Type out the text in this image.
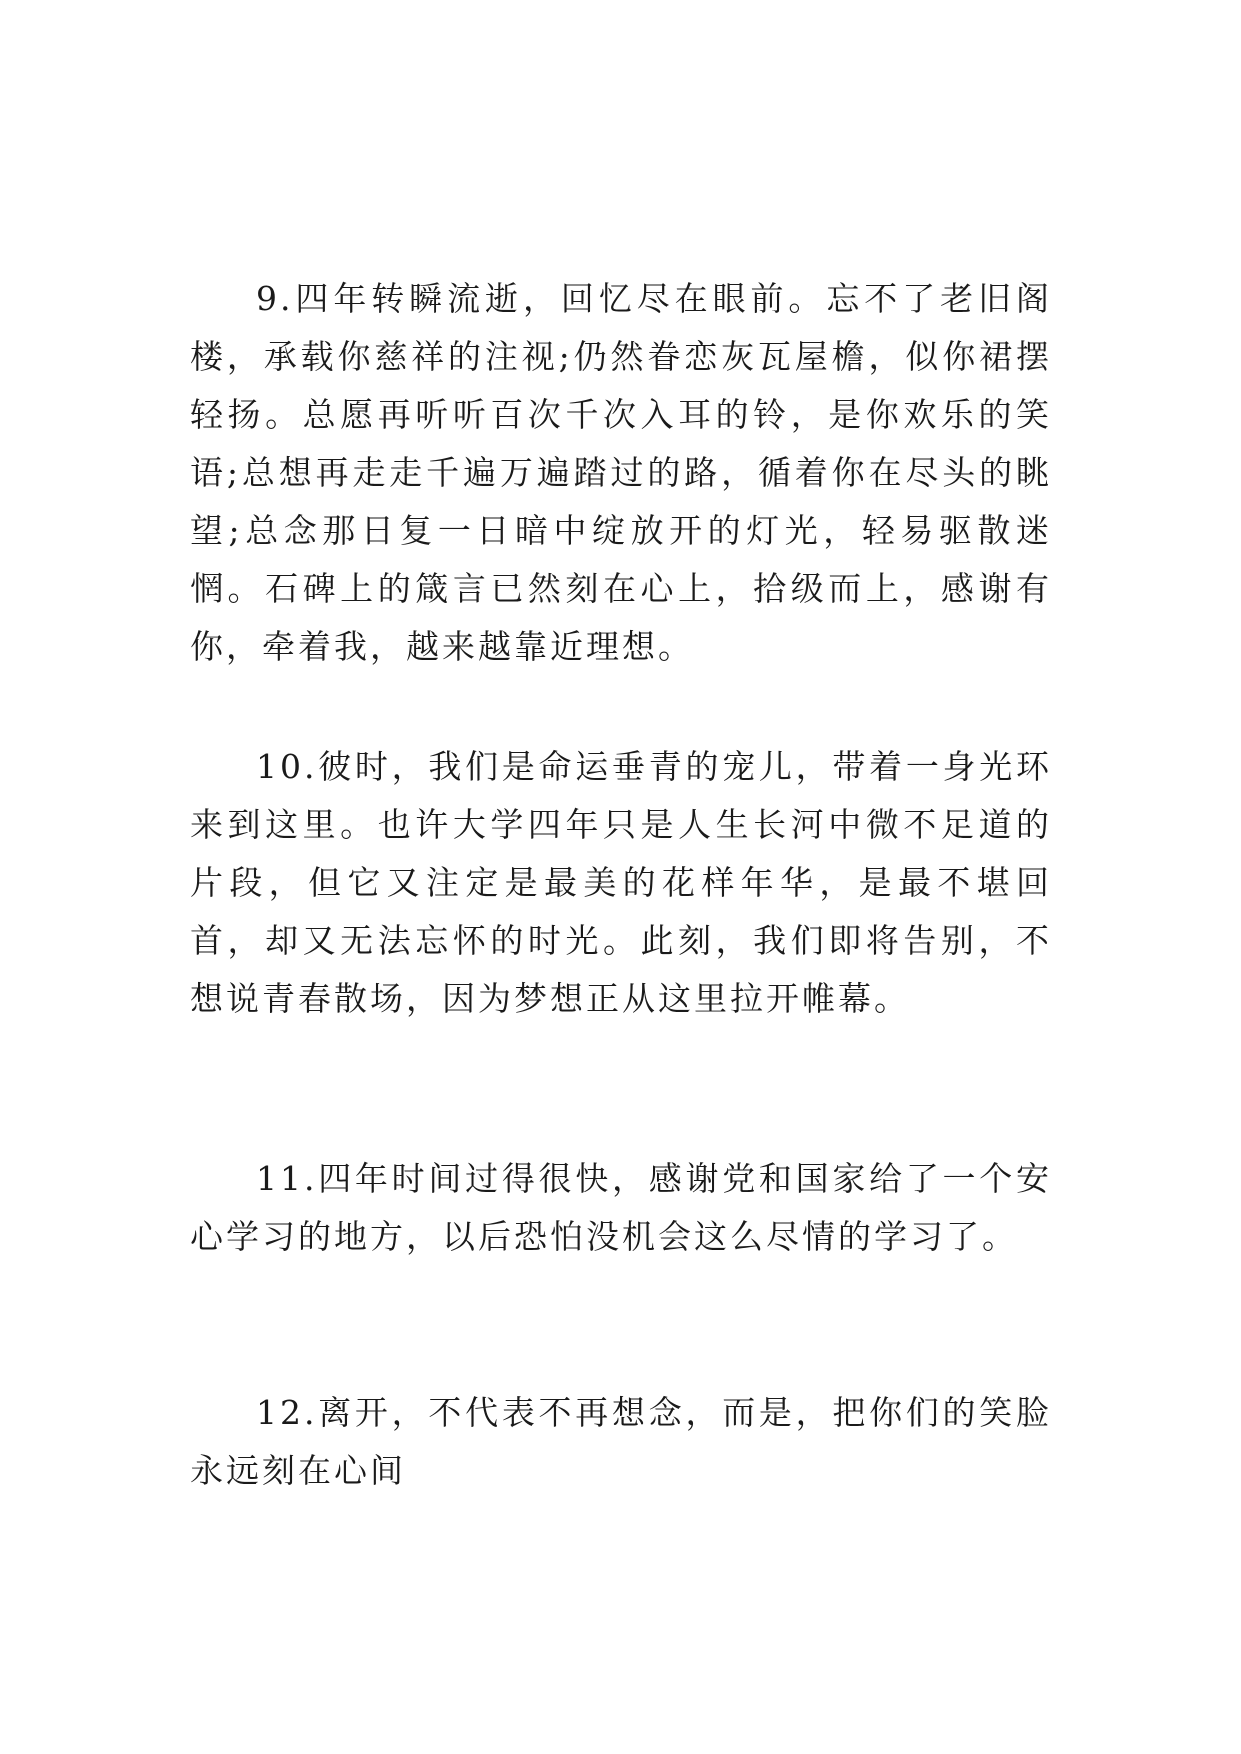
9.四年转瞬流逝，回忆尽在眼前。忘不了老旧阁楼，承载你慈祥的注视;仍然眷恋灰瓦屋檐，似你裙摆轻扬。总愿再听听百次千次入耳的铃，是你欢乐的笑语;总想再走走千遍万遍踏过的路，循着你在尽头的眺望;总念那日复一日暗中绽放开的灯光，轻易驱散迷惘。石碑上的箴言已然刻在心上，拾级而上，感谢有你，牵着我，越来越靠近理想。

10.彼时，我们是命运垂青的宠儿，带着一身光环来到这里。也许大学四年只是人生长河中微不足道的片段，但它又注定是最美的花样年华，是最不堪回首，却又无法忘怀的时光。此刻，我们即将告别，不想说青春散场，因为梦想正从这里拉开帷幕。

11.四年时间过得很快，感谢党和国家给了一个安心学习的地方，以后恐怕没机会这么尽情的学习了。

12.离开，不代表不再想念，而是，把你们的笑脸永远刻在心间
